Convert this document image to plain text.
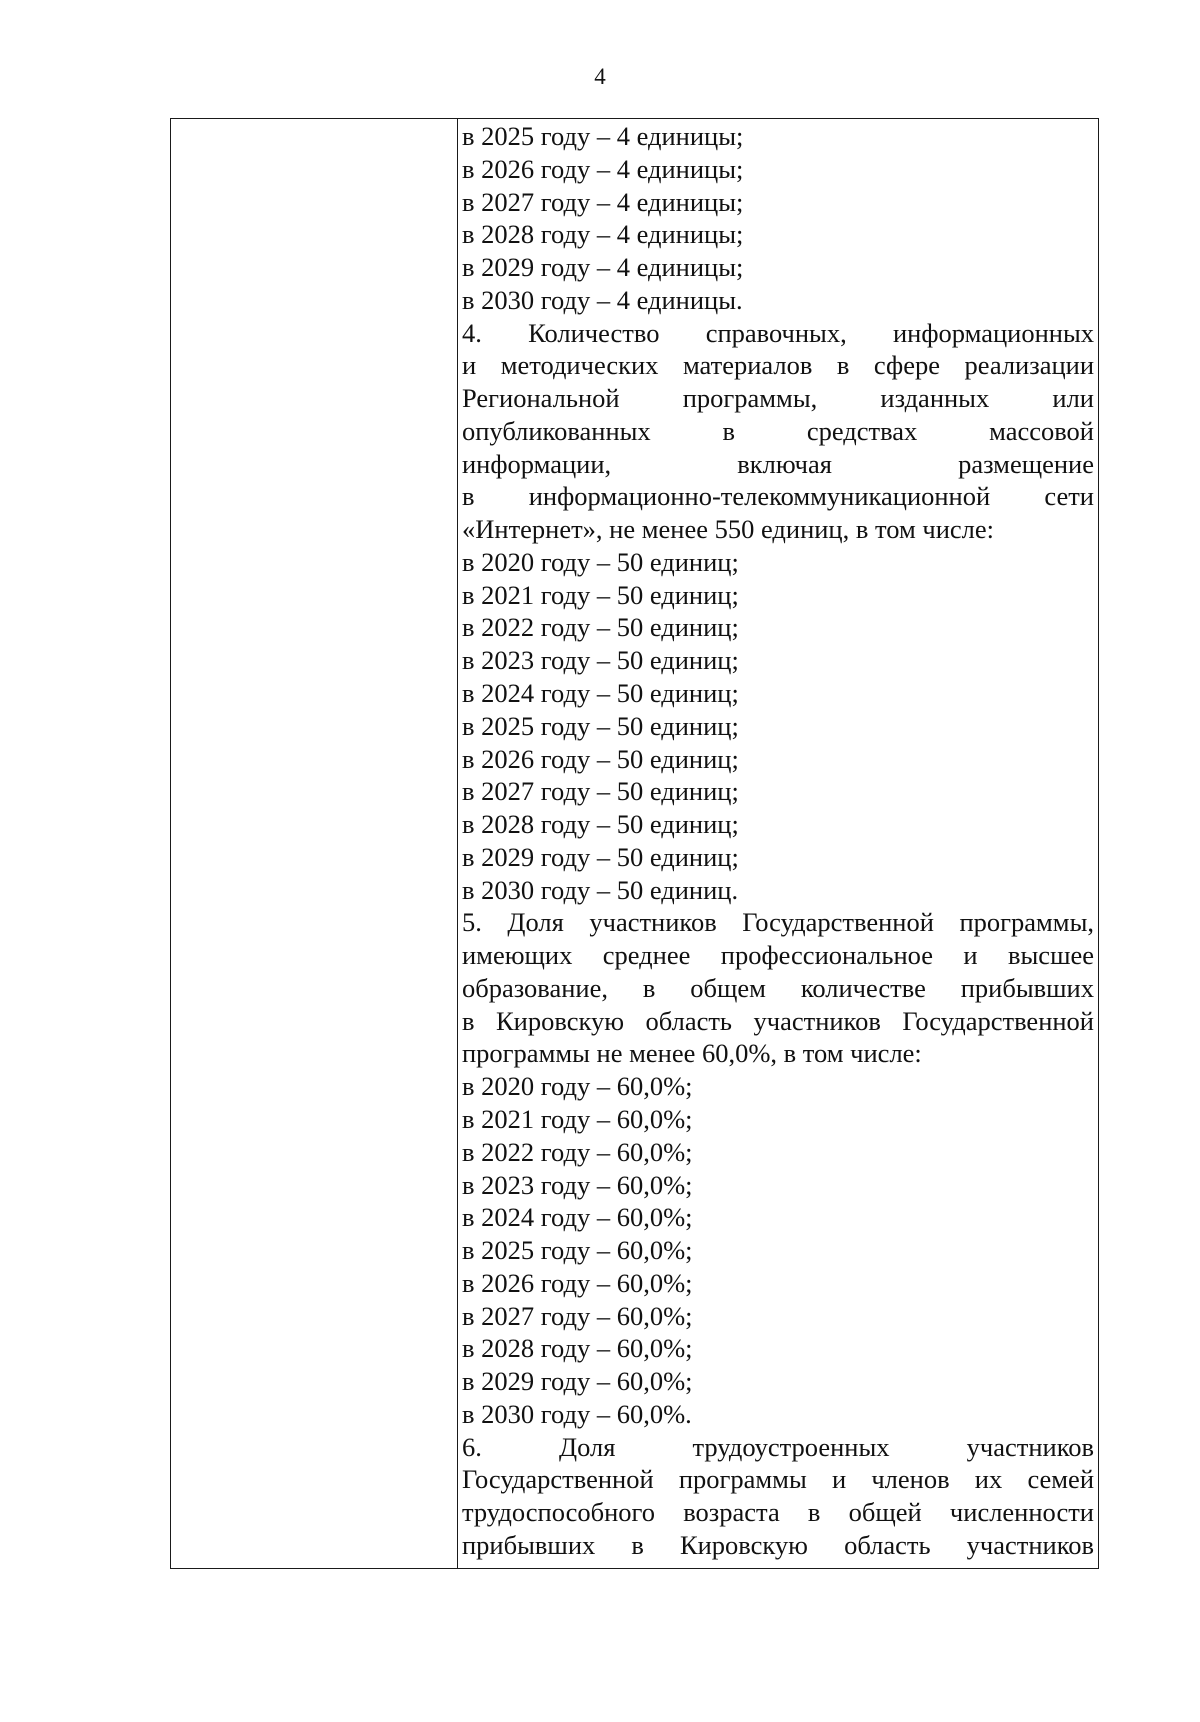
4
в 2025 году – 4 единицы;
в 2026 году – 4 единицы;
в 2027 году – 4 единицы;
в 2028 году – 4 единицы;
в 2029 году – 4 единицы;
в 2030 году – 4 единицы.
4. Количество справочных, информационных
и методических материалов в сфере реализации
Региональной программы, изданных или
опубликованных в средствах массовой
информации, включая размещение
в информационно-телекоммуникационной сети
«Интернет», не менее 550 единиц, в том числе:
в 2020 году – 50 единиц;
в 2021 году – 50 единиц;
в 2022 году – 50 единиц;
в 2023 году – 50 единиц;
в 2024 году – 50 единиц;
в 2025 году – 50 единиц;
в 2026 году – 50 единиц;
в 2027 году – 50 единиц;
в 2028 году – 50 единиц;
в 2029 году – 50 единиц;
в 2030 году – 50 единиц.
5. Доля участников Государственной программы,
имеющих среднее профессиональное и высшее
образование, в общем количестве прибывших
в Кировскую область участников Государственной
программы не менее 60,0%, в том числе:
в 2020 году – 60,0%;
в 2021 году – 60,0%;
в 2022 году – 60,0%;
в 2023 году – 60,0%;
в 2024 году – 60,0%;
в 2025 году – 60,0%;
в 2026 году – 60,0%;
в 2027 году – 60,0%;
в 2028 году – 60,0%;
в 2029 году – 60,0%;
в 2030 году – 60,0%.
6. Доля трудоустроенных участников
Государственной программы и членов их семей
трудоспособного возраста в общей численности
прибывших в Кировскую область участников
